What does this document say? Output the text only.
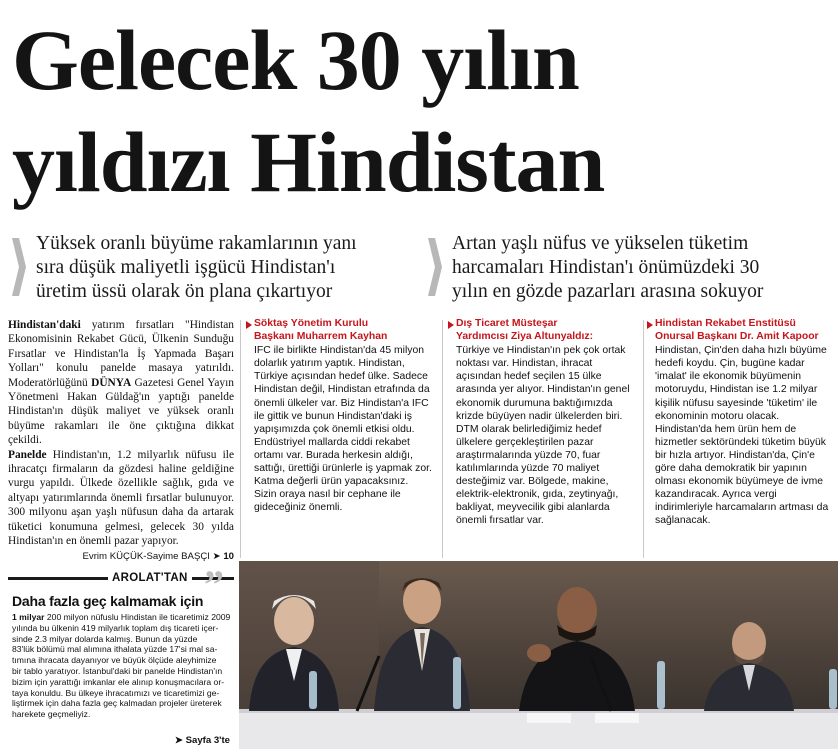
Gelecek 30 yılın
yıldızı Hindistan
Yüksek oranlı büyüme rakamlarının yanı
sıra düşük maliyetli işgücü Hindistan'ı
üretim üssü olarak ön plana çıkartıyor
Artan yaşlı nüfus ve yükselen tüketim
harcamaları Hindistan'ı önümüzdeki 30
yılın en gözde pazarları arasına sokuyor

Hindistan'daki yatırım fırsatları "Hindistan Ekonomisinin Rekabet Gücü, Ülkenin Sunduğu Fırsatlar ve Hindistan'la İş Yapmada Başarı Yolları" konulu panelde masaya yatırıldı. Moderatörlüğünü DÜNYA Gazetesi Genel Yayın Yönetmeni Hakan Güldağ'ın yaptığı panelde Hindistan'ın düşük maliyet ve yüksek oranlı büyüme rakamları ile öne çıktığına dikkat çekildi.

Panelde Hindistan'ın, 1.2 milyarlık nüfusu ile ihracatçı firmaların da gözdesi haline geldiğine vurgu yapıldı. Ülkede özellikle sağlık, gıda ve altyapı yatırımlarında önemli fırsatlar bulunuyor. 300 milyonu aşan yaşlı nüfusun daha da artarak tüketici konumuna gelmesi, gelecek 30 yılda Hindistan'ın en önemli pazar yapıyor.

Evrim KÜÇÜK-Sayime BAŞÇI ➤ 10
Söktaş Yönetim Kurulu
Başkanı Muharrem Kayhan
IFC ile birlikte Hindistan'da 45 milyon
dolarlık yatırım yaptık. Hindistan,
Türkiye açısından hedef ülke. Sadece
Hindistan değil, Hindistan etrafında da
önemli ülkeler var. Biz Hindistan'a IFC
ile gittik ve bunun Hindistan'daki iş
yapışımızda çok önemli etkisi oldu.
Endüstriyel mallarda ciddi rekabet
ortamı var. Burada herkesin aldığı,
sattığı, ürettiği ürünlerle iş yapmak zor.
Katma değerli ürün yapacaksınız.
Sizin oraya nasıl bir cephane ile
gideceğiniz önemli.
Dış Ticaret Müsteşar
Yardımcısı Ziya Altunyaldız:
Türkiye ve Hindistan'ın pek çok ortak
noktası var. Hindistan, ihracat
açısından hedef seçilen 15 ülke
arasında yer alıyor. Hindistan'ın genel
ekonomik durumuna baktığımızda
krizde büyüyen nadir ülkelerden biri.
DTM olarak belirlediğimiz hedef
ülkelere gerçekleştirilen pazar
araştırmalarında yüzde 70, fuar
katılımlarında yüzde 70 maliyet
desteğimiz var. Bölgede, makine,
elektrik-elektronik, gıda, zeytinyağı,
bakliyat, meyvecilik gibi alanlarda
önemli fırsatlar var.
Hindistan Rekabet Enstitüsü
Onursal Başkanı Dr. Amit Kapoor
Hindistan, Çin'den daha hızlı büyüme
hedefi koydu. Çin, bugüne kadar
'imalat' ile ekonomik büyümenin
motoruydu, Hindistan ise 1.2 milyar
kişilik nüfusu sayesinde 'tüketim' ile
ekonominin motoru olacak.
Hindistan'da hem ürün hem de
hizmetler sektöründeki tüketim büyük
bir hızla artıyor. Hindistan'da, Çin'e
göre daha demokratik bir yapının
olması ekonomik büyümeye de ivme
kazandıracak. Ayrıca vergi
indirimleriyle harcamaların artması da
sağlanacak.
AROLAT'TAN ”
Daha fazla geç kalmamak için
1 milyar 200 milyon nüfuslu Hindistan ile ticaretimiz 2009
yılında bu ülkenin 419 milyarlık toplam dış ticareti içer-
sinde 2.3 milyar dolarda kalmış. Bunun da yüzde
83'lük bölümü mal alımına ithalata yüzde 17'si mal sa-
tımına ihracata dayanıyor ve büyük ölçüde aleyhimize
bir tablo yaratıyor. İstanbul'daki bir panelde Hindistan'ın
bizim için yarattığı imkanlar ele alınıp konuşmacılara or-
taya konuldu. Bu ülkeye ihracatımızı ve ticaretimizi ge-
liştirmek için daha fazla geç kalmadan projeler üreterek
harekete geçmeliyiz.
➤ Sayfa 3'te
